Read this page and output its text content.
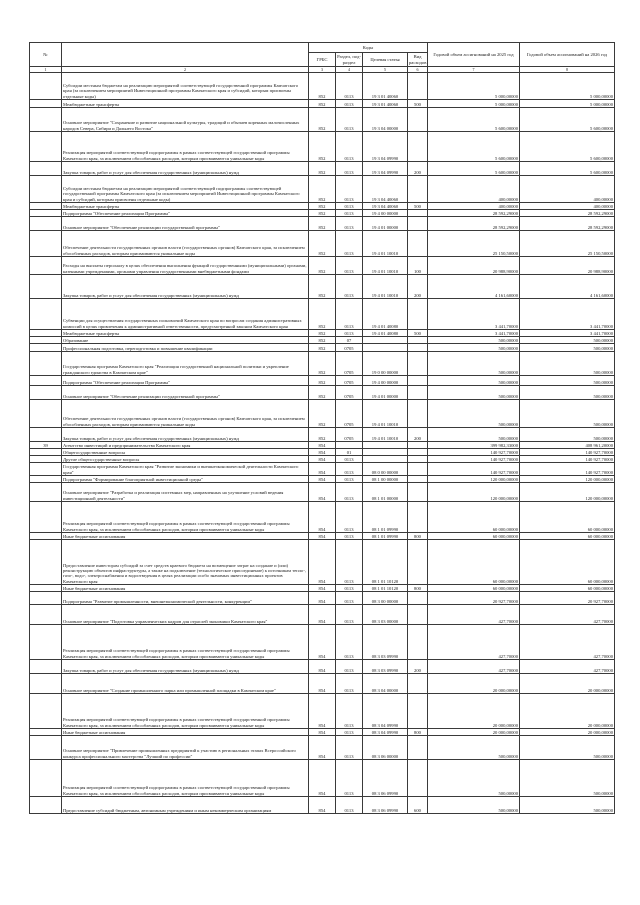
№		Коды				Годовой объем ассигнований на 2025 год	Годовой объем ассигнований на 2026 год
		ГРБС	Раздел, под-раздел	Целевая статья	Вид расходов		
1	2	3	4	5	6	7	8
	Субсидии местным бюджетам на реализацию мероприятий соответствующей государственной программы Камчатского края (за исключением мероприятий Инвестиционной программы Камчатского края и субсидий, которым присвоены отдельные коды)	852	0113	19 3 01 40060		5 000,00000	5 000,00000
	Межбюджетные трансферты	852	0113	19 3 01 40060	500	5 000,00000	5 000,00000
	Основное мероприятие "Сохранение и развитие национальной культуры, традиций и обычаев коренных малочисленных народов Севера, Сибири и Дальнего Востока"	852	0113	19 3 04 00000		5 600,00000	5 600,00000
	Реализация мероприятий соответствующей подпрограммы в рамках соответствующей государственной программы Камчатского края, за исключением обособленных расходов, которым присваиваются уникальные коды	852	0113	19 3 04 09990		5 600,00000	5 600,00000
	Закупка товаров, работ и услуг для обеспечения государственных (муниципальных) нужд	852	0113	19 3 04 09990	200	5 600,00000	5 600,00000
	Субсидии местным бюджетам на реализацию мероприятий соответствующей подпрограммы соответствующей государственной программы Камчатского края (за исключением мероприятий Инвестиционной программы Камчатского края и субсидий, которым присвоены отдельные коды)	852	0113	19 3 04 40060		400,00000	400,00000
	Межбюджетные трансферты	852	0113	19 3 04 40060	500	400,00000	400,00000
	Подпрограмма "Обеспечение реализации Программы"	852	0113	19 4 00 00000		28 592,29000	28 592,29000
	Основное мероприятие "Обеспечение реализации государственной программы"	852	0113	19 4 01 00000		28 592,29000	28 592,29000
	Обеспечение деятельности государственных органов власти (государственных органов) Камчатского края, за исключением обособленных расходов, которым присваиваются уникальные коды	852	0113	19 4 01 10010		25 150,50000	25 150,50000
	Расходы на выплаты персоналу в целях обеспечения выполнения функций государственными (муниципальными) органами, казенными учреждениями, органами управления государственными внебюджетными фондами	852	0113	19 4 01 10010	100	20 988,90000	20 988,90000
	Закупка товаров, работ и услуг для обеспечения государственных (муниципальных) нужд	852	0113	19 4 01 10010	200	4 161,60000	4 161,60000
	Субвенции для осуществления государственных полномочий Камчатского края по вопросам создания административных комиссий в целях привлечения к административной ответственности, предусмотренной законом Камчатского края	852	0113	19 4 01 40080		3 441,70000	3 441,70000
	Межбюджетные трансферты	852	0113	19 4 01 40080	500	3 441,70000	3 441,70000
	Образование	852	07			500,00000	500,00000
	Профессиональная подготовка, переподготовка и повышение квалификации	852	0705			500,00000	500,00000
	Государственная программа Камчатского края "Реализация государственной национальной политики и укрепление гражданского единства в Камчатском крае"	852	0705	19 0 00 00000		500,00000	500,00000
	Подпрограмма "Обеспечение реализации Программы"	852	0705	19 4 00 00000		500,00000	500,00000
	Основное мероприятие "Обеспечение реализации государственной программы"	852	0705	19 4 01 00000		500,00000	500,00000
	Обеспечение деятельности государственных органов власти (государственных органов) Камчатского края, за исключением обособленных расходов, которым присваиваются уникальные коды	852	0705	19 4 01 10010		500,00000	500,00000
	Закупка товаров, работ и услуг для обеспечения государственных (муниципальных) нужд	852	0705	19 4 01 10010	200	500,00000	500,00000
39	Агентство инвестиций и предпринимательства Камчатского края	854				399 982,33000	408 961,20000
	Общегосударственные вопросы	854	01			140 927,70000	140 927,70000
	Другие общегосударственные вопросы	854	0113			140 927,70000	140 927,70000
	Государственная программа Камчатского края "Развитие экономики и внешнеэкономической деятельности Камчатского края"	854	0113	08 0 00 00000		140 927,70000	140 927,70000
	Подпрограмма "Формирование благоприятной инвестиционной среды"	854	0113	08 1 00 00000		120 000,00000	120 000,00000
	Основное мероприятие "Разработка и реализация системных мер, направленных на улучшение условий ведения инвестиционной деятельности"	854	0113	08 1 01 00000		120 000,00000	120 000,00000
	Реализация мероприятий соответствующей подпрограммы в рамках соответствующей государственной программы Камчатского края, за исключением обособленных расходов, которым присваиваются уникальные коды	854	0113	08 1 01 09990		60 000,00000	60 000,00000
	Иные бюджетные ассигнования	854	0113	08 1 01 09990	800	60 000,00000	60 000,00000
	Предоставление инвесторам субсидий за счет средств краевого бюджета на возмещение затрат на создание и (или) реконструкцию объектов инфраструктуры, а также на подключение (технологическое присоединение) к источникам тепло-, газо-, водо-, электроснабжения и водоотведения в целях реализации особо значимых инвестиционных проектов Камчатского края	854	0113	08 1 01 10120		60 000,00000	60 000,00000
	Иные бюджетные ассигнования	854	0113	08 1 01 10120	800	60 000,00000	60 000,00000
	Подпрограмма "Развитие промышленности, внешнеэкономической деятельности, конкуренции"	854	0113	08 3 00 00000		20 927,70000	20 927,70000
	Основное мероприятие "Подготовка управленческих кадров для отраслей экономики Камчатского края"	854	0113	08 3 03 00000		427,70000	427,70000
	Реализация мероприятий соответствующей подпрограммы в рамках соответствующей государственной программы Камчатского края, за исключением обособленных расходов, которым присваиваются уникальные коды	854	0113	08 3 03 09990		427,70000	427,70000
	Закупка товаров, работ и услуг для обеспечения государственных (муниципальных) нужд	854	0113	08 3 03 09990	200	427,70000	427,70000
	Основное мероприятие "Создание промышленного парка или промышленной площадки в Камчатском крае"	854	0113	08 3 04 00000		20 000,00000	20 000,00000
	Реализация мероприятий соответствующей подпрограммы в рамках соответствующей государственной программы Камчатского края, за исключением обособленных расходов, которым присваиваются уникальные коды	854	0113	08 3 04 09990		20 000,00000	20 000,00000
	Иные бюджетные ассигнования	854	0113	08 3 04 09990	800	20 000,00000	20 000,00000
	Основное мероприятие "Привлечение промышленных предприятий к участию в региональных этапах Всероссийского конкурса профессионального мастерства "Лучший по профессии"	854	0113	08 3 06 00000		500,00000	500,00000
	Реализация мероприятий соответствующей подпрограммы в рамках соответствующей государственной программы Камчатского края, за исключением обособленных расходов, которым присваиваются уникальные коды	854	0113	08 3 06 09990		500,00000	500,00000
	Предоставление субсидий бюджетным, автономным учреждениям и иным некоммерческим организациям	854	0113	08 3 06 09990	600	500,00000	500,00000
